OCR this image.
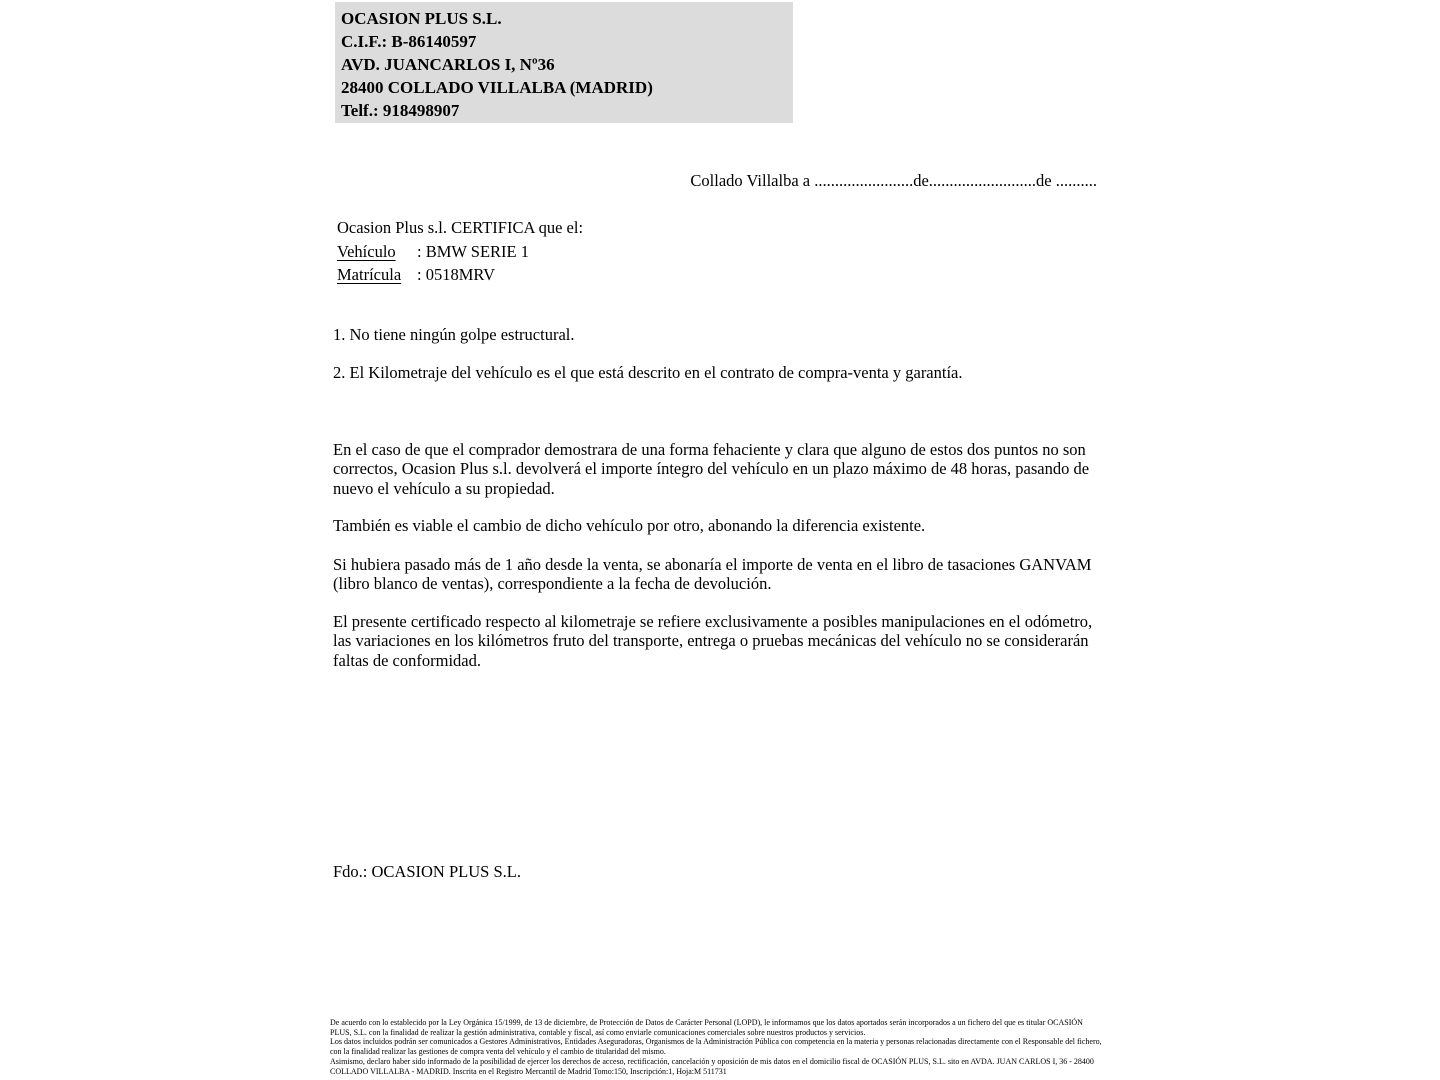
OCASION PLUS S.L.
C.I.F.: B-86140597
AVD. JUANCARLOS I, Nº36
28400 COLLADO VILLALBA (MADRID)
Telf.: 918498907
Collado Villalba a ........................de..........................de ..........
Ocasion Plus s.l. CERTIFICA que el:
Vehículo : BMW SERIE 1
Matrícula : 0518MRV
1. No tiene ningún golpe estructural.
2. El Kilometraje del vehículo es el que está descrito en el contrato de compra-venta y garantía.
En el caso de que el comprador demostrara de una forma fehaciente y clara que alguno de estos dos puntos no son correctos, Ocasion Plus s.l. devolverá el importe íntegro del vehículo en un plazo máximo de 48 horas, pasando de nuevo el vehículo a su propiedad.
También es viable el cambio de dicho vehículo por otro, abonando la diferencia existente.
Si hubiera pasado más de 1 año desde la venta, se abonaría el importe de venta en el libro de tasaciones GANVAM (libro blanco de ventas), correspondiente a la fecha de devolución.
El presente certificado respecto al kilometraje se refiere exclusivamente a posibles manipulaciones en el odómetro, las variaciones en los kilómetros fruto del transporte, entrega o pruebas mecánicas del vehículo no se considerarán faltas de conformidad.
Fdo.: OCASION PLUS S.L.

De acuerdo con lo establecido por la Ley Orgánica 15/1999, de 13 de diciembre, de Protección de Datos de Carácter Personal (LOPD), le informamos que los datos aportados serán incorporados a un fichero del que es titular OCASIÓN PLUS, S.L. con la finalidad de realizar la gestión administrativa, contable y fiscal, así como enviarle comunicaciones comerciales sobre nuestros productos y servicios.

Los datos incluidos podrán ser comunicados a Gestores Administrativos, Entidades Aseguradoras, Organismos de la Administración Pública con competencia en la materia y personas relacionadas directamente con el Responsable del fichero, con la finalidad realizar las gestiones de compra venta del vehículo y el cambio de titularidad del mismo.

Asimismo, declaro haber sido informado de la posibilidad de ejercer los derechos de acceso, rectificación, cancelación y oposición de mis datos en el domicilio fiscal de OCASIÓN PLUS, S.L. sito en AVDA. JUAN CARLOS I, 36 - 28400 COLLADO VILLALBA - MADRID. Inscrita en el Registro Mercantil de Madrid Tomo:150, Inscripción:1, Hoja:M 511731
